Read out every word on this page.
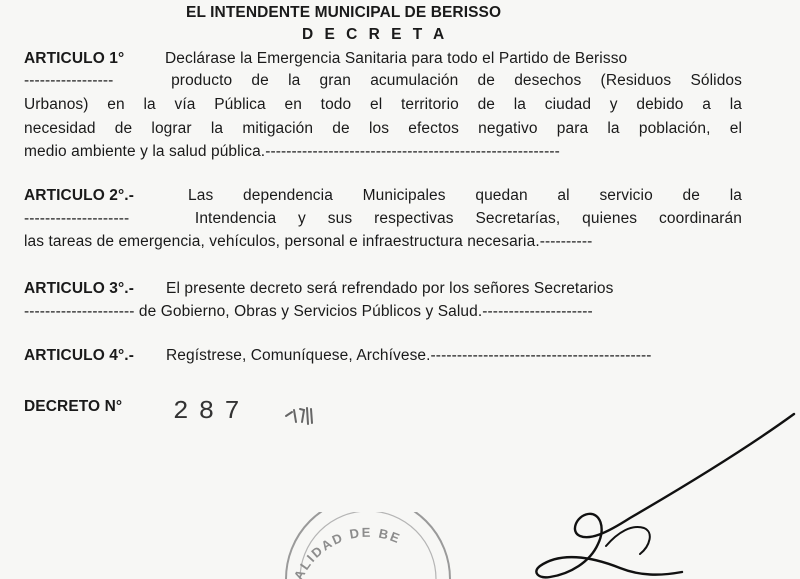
EL INTENDENTE MUNICIPAL DE BERISSO
D E C R E T A
ARTICULO 1°	Declárase la Emergencia Sanitaria para todo el Partido de Berisso
-----------------   producto de la gran acumulación de desechos (Residuos Sólidos
Urbanos) en la vía Pública en todo el territorio de la ciudad y debido a la
necesidad de lograr la mitigación de los efectos negativo para la población, el
medio ambiente y la salud pública.--------------------------------------------------------
ARTICULO 2°.-	Las dependencia Municipales quedan al servicio de la
--------------------   Intendencia y sus respectivas Secretarías, quienes coordinarán
las tareas de emergencia, vehículos, personal e infraestructura necesaria.----------
ARTICULO 3°.- El presente decreto será refrendado por los señores Secretarios
--------------------- de Gobierno, Obras y Servicios Públicos y Salud.---------------------
ARTICULO 4°.- Regístrese, Comuníquese, Archívese.------------------------------------------
DECRETO N° 287
ALIDAD DE BE
